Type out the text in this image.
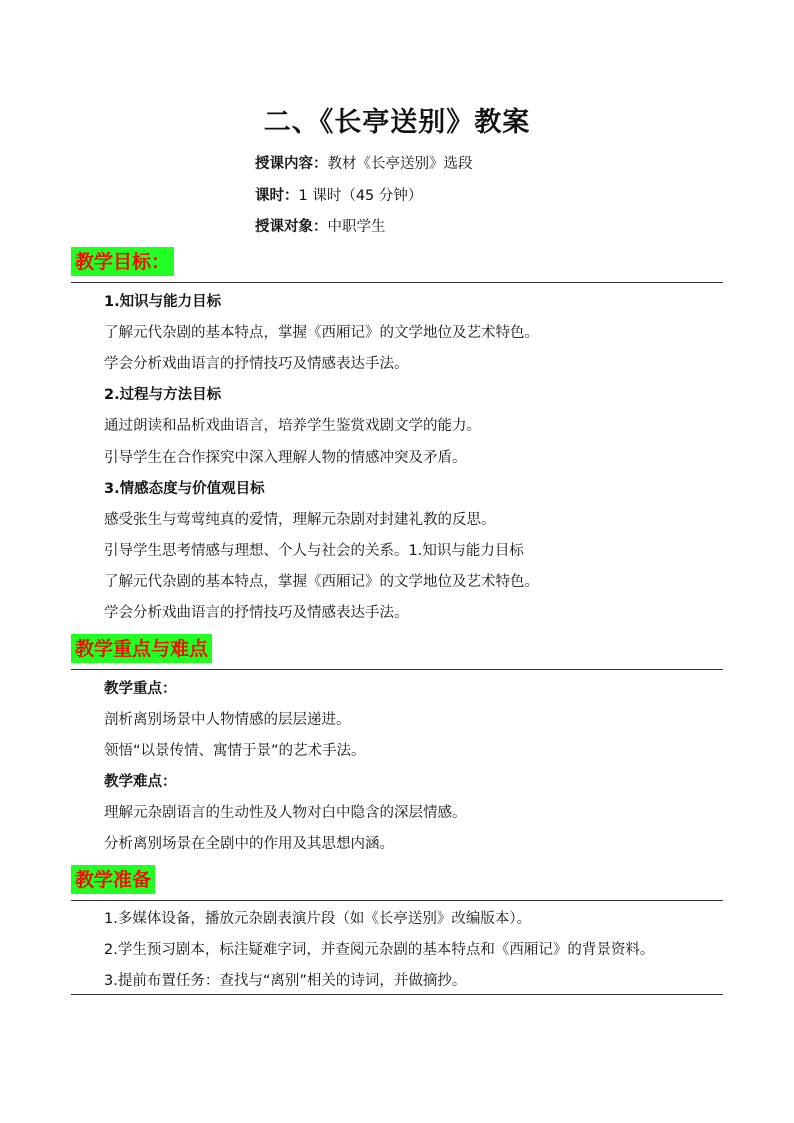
二、《长亭送别》教案
授课内容：教材《长亭送别》选段
课时：1 课时（45 分钟）
授课对象：中职学生
教学目标：
1.知识与能力目标
了解元代杂剧的基本特点，掌握《西厢记》的文学地位及艺术特色。
学会分析戏曲语言的抒情技巧及情感表达手法。
2.过程与方法目标
通过朗读和品析戏曲语言，培养学生鉴赏戏剧文学的能力。
引导学生在合作探究中深入理解人物的情感冲突及矛盾。
3.情感态度与价值观目标
感受张生与莺莺纯真的爱情，理解元杂剧对封建礼教的反思。
引导学生思考情感与理想、个人与社会的关系。1.知识与能力目标
了解元代杂剧的基本特点，掌握《西厢记》的文学地位及艺术特色。
学会分析戏曲语言的抒情技巧及情感表达手法。
教学重点与难点
教学重点：
剖析离别场景中人物情感的层层递进。
领悟“以景传情、寓情于景”的艺术手法。
教学难点：
理解元杂剧语言的生动性及人物对白中隐含的深层情感。
分析离别场景在全剧中的作用及其思想内涵。
教学准备
1.多媒体设备，播放元杂剧表演片段（如《长亭送别》改编版本）。
2.学生预习剧本，标注疑难字词，并查阅元杂剧的基本特点和《西厢记》的背景资料。
3.提前布置任务：查找与“离别”相关的诗词，并做摘抄。
